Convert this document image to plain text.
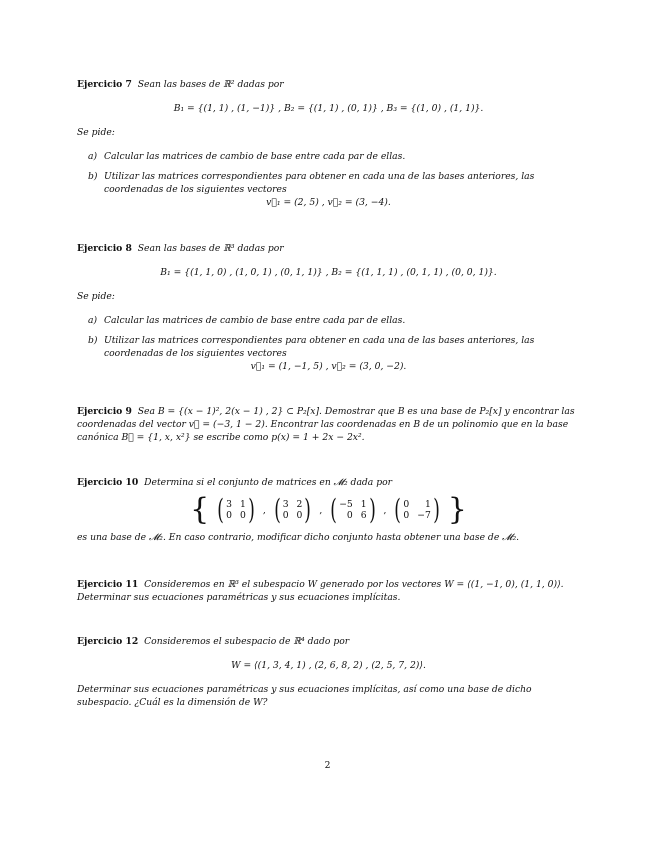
Ejercicio 7 Sean las bases de ℝ² dadas por
B₁ = {(1, 1) , (1, −1)} , B₂ = {(1, 1) , (0, 1)} , B₃ = {(1, 0) , (1, 1)}.
Se pide:
a) Calcular las matrices de cambio de base entre cada par de ellas.
b) Utilizar las matrices correspondientes para obtener en cada una de las bases anteriores, las coordenadas de los siguientes vectores
v⃗₁ = (2, 5) , v⃗₂ = (3, −4).
Ejercicio 8 Sean las bases de ℝ³ dadas por
B₁ = {(1, 1, 0) , (1, 0, 1) , (0, 1, 1)} , B₂ = {(1, 1, 1) , (0, 1, 1) , (0, 0, 1)}.
Se pide:
a) Calcular las matrices de cambio de base entre cada par de ellas.
b) Utilizar las matrices correspondientes para obtener en cada una de las bases anteriores, las coordenadas de los siguientes vectores
v⃗₁ = (1, −1, 5) , v⃗₂ = (3, 0, −2).
Ejercicio 9 Sea B = {(x − 1)², 2(x − 1) , 2} ⊂ P₂[x]. Demostrar que B es una base de P₂[x] y encontrar las coordenadas del vector v⃗ = (−3, 1 − 2). Encontrar las coordenadas en B de un polinomio que en la base canónica B꜀ = {1, x, x²} se escribe como p(x) = 1 + 2x − 2x².
Ejercicio 10 Determina si el conjunto de matrices en 𝓜₂ dada por
{ ( 3 1
0 0 ) , ( 3 2
0 0 ) , ( −5 1
0 6 ) , ( 0	1
0 −7 ) }
es una base de 𝓜₂. En caso contrario, modificar dicho conjunto hasta obtener una base de 𝓜₂.
Ejercicio 11 Consideremos en ℝ³ el subespacio W generado por los vectores W = ⟨(1, −1, 0), (1, 1, 0)⟩. Determinar sus ecuaciones paramétricas y sus ecuaciones implícitas.
Ejercicio 12 Consideremos el subespacio de ℝ⁴ dado por
W = ⟨(1, 3, 4, 1) , (2, 6, 8, 2) , (2, 5, 7, 2)⟩.
Determinar sus ecuaciones paramétricas y sus ecuaciones implícitas, así como una base de dicho subespacio. ¿Cuál es la dimensión de W?
2
